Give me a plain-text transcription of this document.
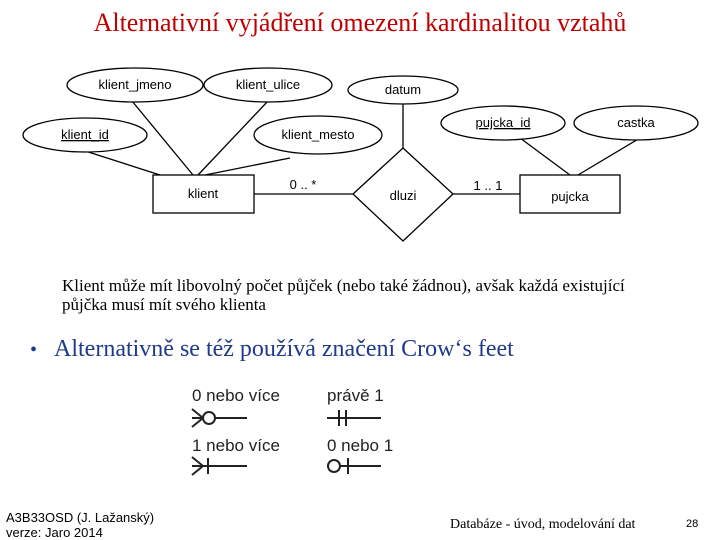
Alternativní vyjádření omezení kardinalitou vztahů
klient_jmeno	klient_ulice
klient_id	klient_mesto
datum
pujcka_id	castka
klient	pujcka
dluzi
0 .. *	1 .. 1
Klient může mít libovolný počet půjček (nebo také žádnou), avšak každá existující půjčka musí mít svého klienta
• Alternativně se též používá značení Crow‘s feet
0 nebo více	právě 1
1 nebo více	0 nebo 1
A3B33OSD (J. Lažanský)
verze: Jaro 2014
Databáze - úvod, modelování dat	28
